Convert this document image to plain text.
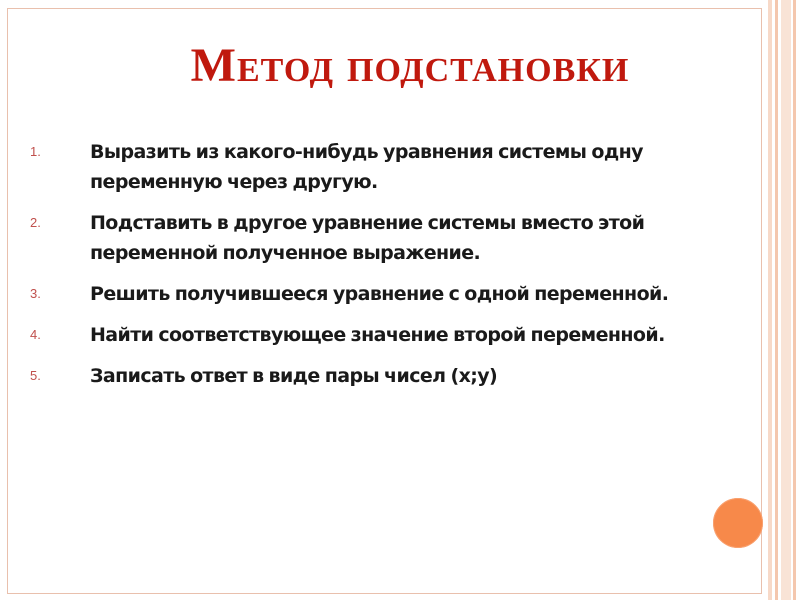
Метод подстановки
1.	Выразить из какого-нибудь уравнения системы одну переменную через другую.
2.	Подставить в другое уравнение системы вместо этой переменной полученное выражение.
3.	Решить получившееся уравнение с одной переменной.
4.	Найти соответствующее значение второй переменной.
5.	Записать ответ в виде пары чисел (х;у)
